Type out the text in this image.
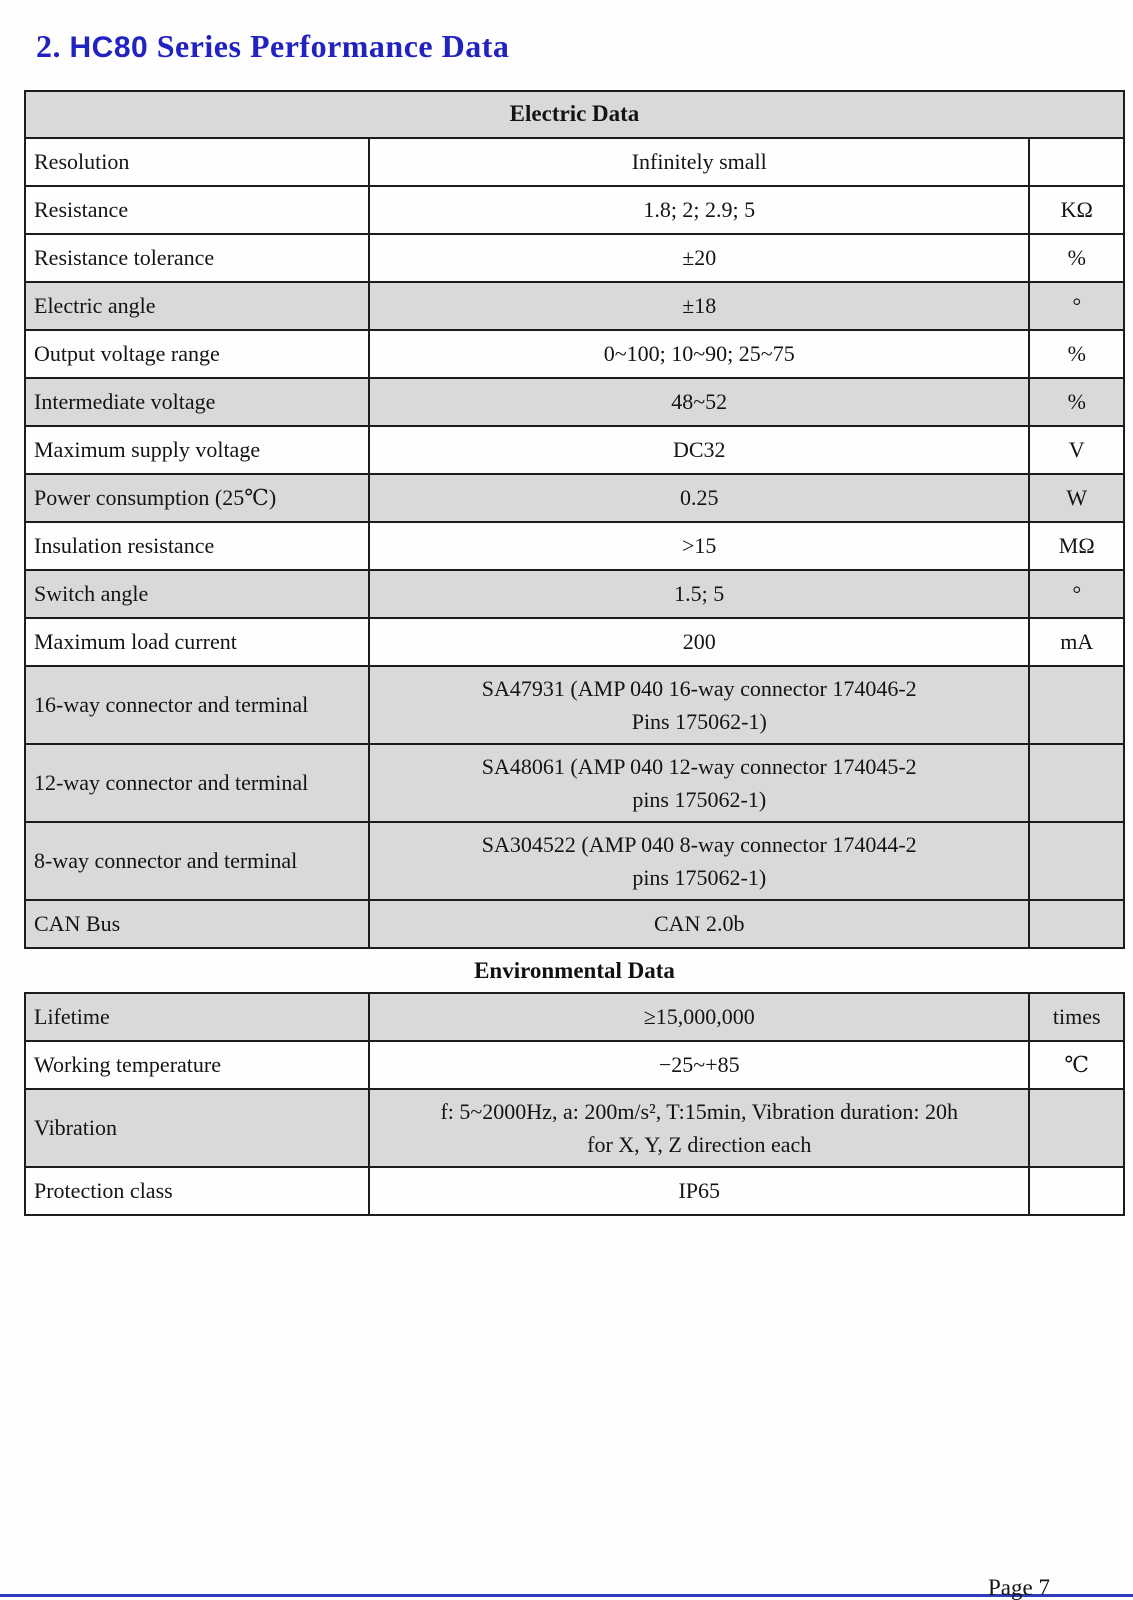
2. HC80 Series Performance Data
Electric Data		
Resolution	Infinitely small	

Resistance	1.8; 2; 2.9; 5	KΩ
Resistance tolerance	±20	%
Electric angle	±18	°
Output voltage range	0~100; 10~90; 25~75	%
Intermediate voltage	48~52	%
Maximum supply voltage	DC32	V
Power consumption (25℃)	0.25	W
Insulation resistance	>15	MΩ
Switch angle	1.5; 5	°
Maximum load current	200	mA
16-way connector and terminal	SA47931 (AMP 040 16-way connector 174046-2
Pins 175062-1)	

12-way connector and terminal	SA48061 (AMP 040 12-way connector 174045-2
pins 175062-1)	

8-way connector and terminal	SA304522 (AMP 040 8-way connector 174044-2
pins 175062-1)	

CAN Bus	CAN 2.0b	

Environmental Data
Lifetime	≥15,000,000	times
Working temperature	−25~+85	℃
Vibration	f: 5~2000Hz, a: 200m/s², T:15min, Vibration duration: 20h
for X, Y, Z direction each	

Protection class	IP65	

Page 7
